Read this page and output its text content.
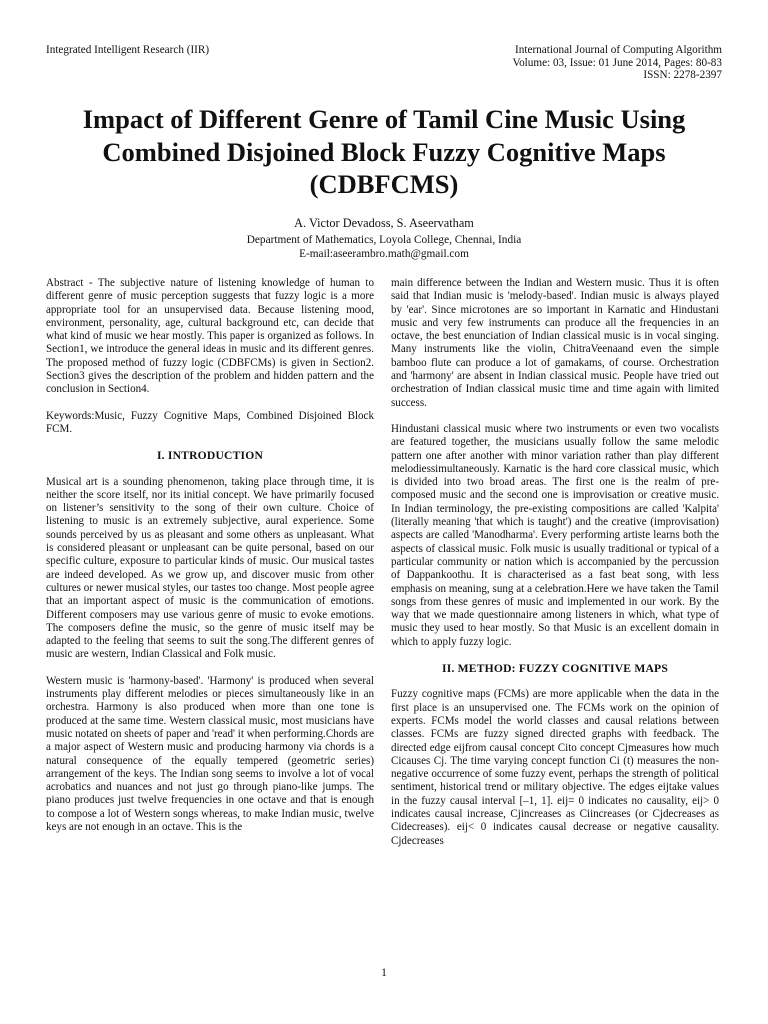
Integrated Intelligent Research (IIR)	International Journal of Computing Algorithm
Volume: 03, Issue: 01 June 2014, Pages: 80-83
ISSN: 2278-2397
Impact of Different Genre of Tamil Cine Music Using Combined Disjoined Block Fuzzy Cognitive Maps (CDBFCMS)
A. Victor Devadoss, S. Aseervatham
Department of Mathematics, Loyola College, Chennai, India
E-mail:aseerambro.math@gmail.com

Abstract - The subjective nature of listening knowledge of human to different genre of music perception suggests that fuzzy logic is a more appropriate tool for an unsupervised data. Because listening mood, environment, personality, age, cultural background etc, can decide that what kind of music we hear mostly. This paper is organized as follows. In Section1, we introduce the general ideas in music and its different genres. The proposed method of fuzzy logic (CDBFCMs) is given in Section2. Section3 gives the description of the problem and hidden pattern and the conclusion in Section4.

Keywords:Music, Fuzzy Cognitive Maps, Combined Disjoined Block FCM.

I. INTRODUCTION

Musical art is a sounding phenomenon, taking place through time, it is neither the score itself, nor its initial concept. We have primarily focused on listener’s sensitivity to the song of their own culture. Choice of listening to music is an extremely subjective, aural experience. Some sounds perceived by us as pleasant and some others as unpleasant. What is considered pleasant or unpleasant can be quite personal, based on our specific culture, exposure to particular kinds of music. Our musical tastes are indeed developed. As we grow up, and discover music from other cultures or newer musical styles, our tastes too change. Most people agree that an important aspect of music is the communication of emotions. Different composers may use various genre of music to evoke emotions. The composers define the music, so the genre of music itself may be adapted to the feeling that seems to suit the song.The different genres of music are western, Indian Classical and Folk music.

Western music is 'harmony-based'. 'Harmony' is produced when several instruments play different melodies or pieces simultaneously like in an orchestra. Harmony is also produced when more than one tone is produced at the same time. Western classical music, most musicians have music notated on sheets of paper and 'read' it when performing.Chords are a major aspect of Western music and producing harmony via chords is a natural consequence of the equally tempered (geometric series) arrangement of the keys. The Indian song seems to involve a lot of vocal acrobatics and nuances and not just go through piano-like jumps. The piano produces just twelve frequencies in one octave and that is enough to compose a lot of Western songs whereas, to make Indian music, twelve keys are not enough in an octave. This is the

main difference between the Indian and Western music. Thus it is often said that Indian music is 'melody-based'. Indian music is always played by 'ear'. Since microtones are so important in Karnatic and Hindustani music and very few instruments can produce all the frequencies in an octave, the best enunciation of Indian classical music is in vocal singing. Many instruments like the violin, ChitraVeenaand even the simple bamboo flute can produce a lot of gamakams, of course. Orchestration and 'harmony' are absent in Indian classical music. People have tried out orchestration of Indian classical music time and time again with limited success.

Hindustani classical music where two instruments or even two vocalists are featured together, the musicians usually follow the same melodic pattern one after another with minor variation rather than play different melodiessimultaneously. Karnatic is the hard core classical music, which is divided into two broad areas. The first one is the realm of pre-composed music and the second one is improvisation or creative music. In Indian terminology, the pre-existing compositions are called 'Kalpita' (literally meaning 'that which is taught') and the creative (improvisation) aspects are called 'Manodharma'. Every performing artiste learns both the aspects of classical music. Folk music is usually traditional or typical of a particular community or nation which is accompanied by the percussion of Dappankoothu. It is characterised as a fast beat song, with less emphasis on meaning, sung at a celebration.Here we have taken the Tamil songs from these genres of music and implemented in our work. By the way that we made questionnaire among listeners in which, what type of music they used to hear mostly. So that Music is an excellent domain in which to apply fuzzy logic.

II. METHOD: FUZZY COGNITIVE MAPS

Fuzzy cognitive maps (FCMs) are more applicable when the data in the first place is an unsupervised one. The FCMs work on the opinion of experts. FCMs model the world classes and causal relations between classes. FCMs are fuzzy signed directed graphs with feedback. The directed edge eijfrom causal concept Cito concept Cjmeasures how much Cicauses Cj. The time varying concept function Ci (t) measures the non-negative occurrence of some fuzzy event, perhaps the strength of political sentiment, historical trend or military objective. The edges eijtake values in the fuzzy causal interval [–1, 1]. eij= 0 indicates no causality, eij> 0 indicates causal increase, Cjincreases as Ciincreases (or Cjdecreases as Cidecreases). eij< 0 indicates causal decrease or negative causality. Cjdecreases

1
